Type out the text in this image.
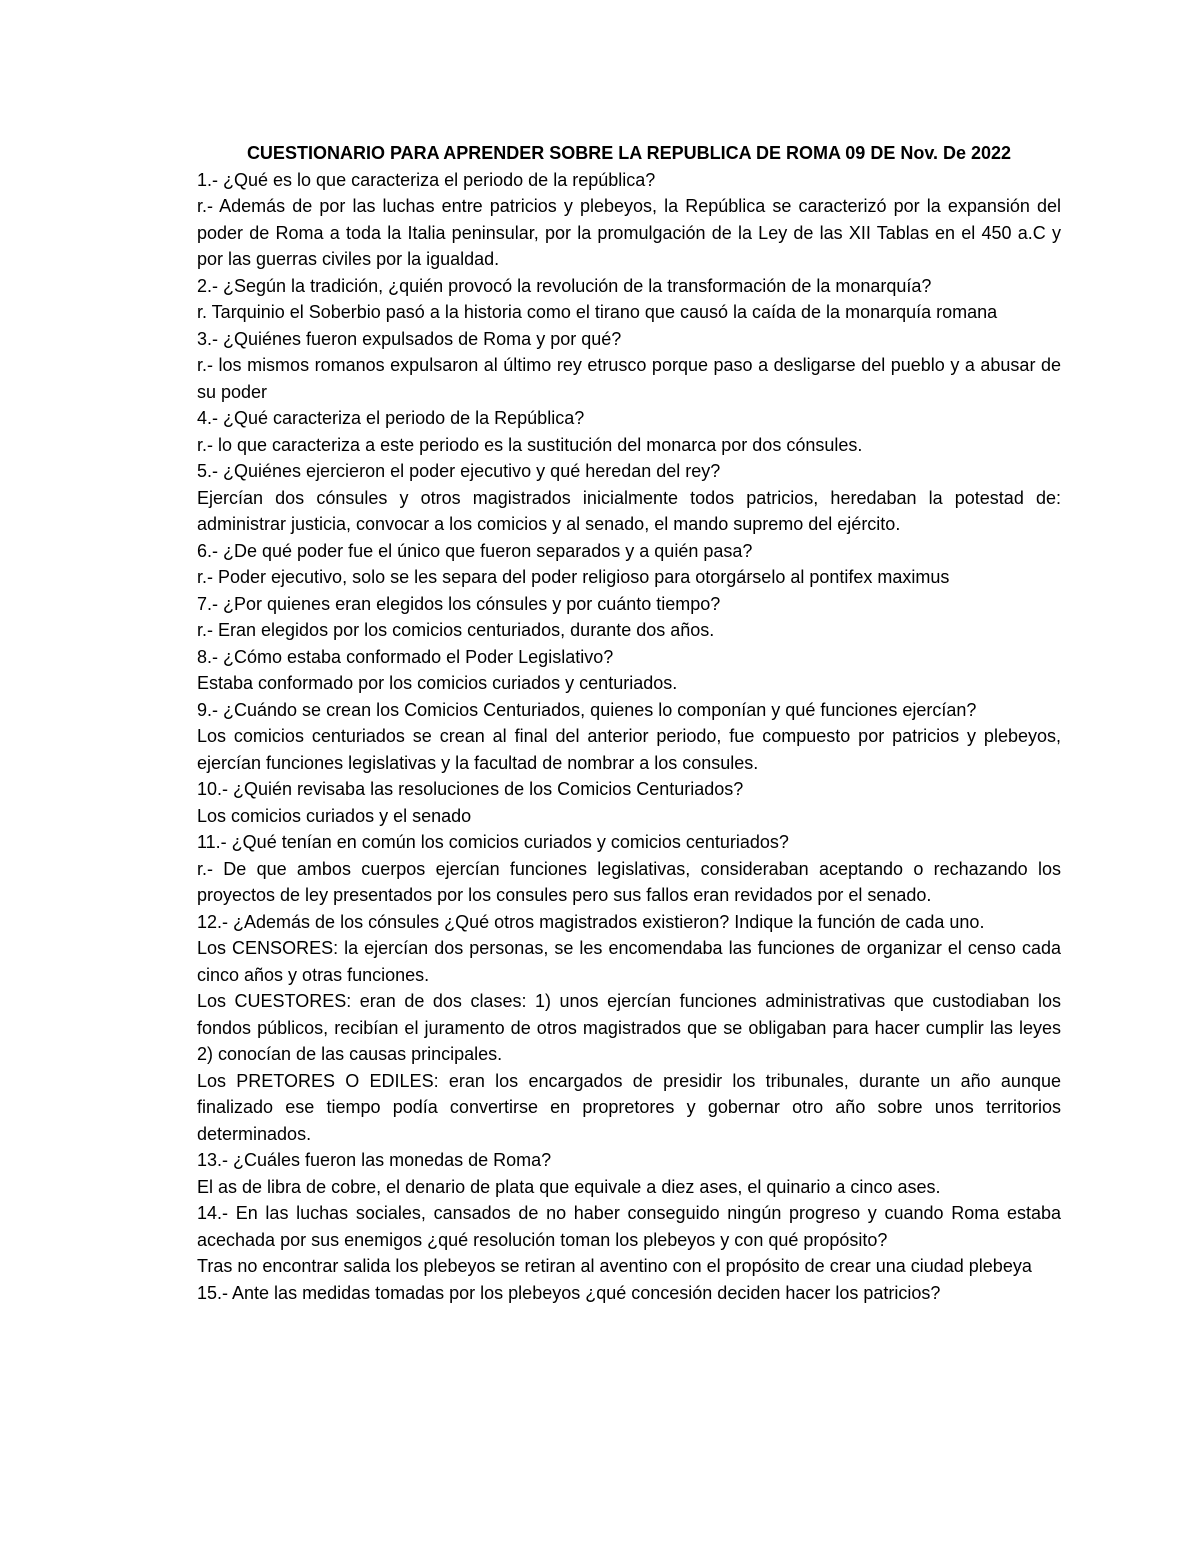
CUESTIONARIO PARA APRENDER SOBRE LA REPUBLICA DE ROMA 09 DE Nov. De 2022

1.- ¿Qué es lo que caracteriza el periodo de la república?

r.- Además de por las luchas entre patricios y plebeyos, la República se caracterizó por la expansión del poder de Roma a toda la Italia peninsular, por la promulgación de la Ley de las XII Tablas en el 450 a.C y por las guerras civiles por la igualdad.

2.- ¿Según la tradición, ¿quién provocó la revolución de la transformación de la monarquía?

r. Tarquinio el Soberbio pasó a la historia como el tirano que causó la caída de la monarquía romana

3.- ¿Quiénes fueron expulsados de Roma y por qué?

r.- los mismos romanos expulsaron al último rey etrusco porque paso a desligarse del pueblo y a abusar de su poder

4.- ¿Qué caracteriza el periodo de la República?

r.- lo que caracteriza a este periodo es la sustitución del monarca por dos cónsules.

5.- ¿Quiénes ejercieron el poder ejecutivo y qué heredan del rey?

Ejercían dos cónsules y otros magistrados inicialmente todos patricios, heredaban la potestad de: administrar justicia, convocar a los comicios y al senado, el mando supremo del ejército.

6.- ¿De qué poder fue el único que fueron separados y a quién pasa?

r.- Poder ejecutivo, solo se les separa del poder religioso para otorgárselo al pontifex maximus

7.- ¿Por quienes eran elegidos los cónsules y por cuánto tiempo?

r.- Eran elegidos por los comicios centuriados, durante dos años.

8.- ¿Cómo estaba conformado el Poder Legislativo?

Estaba conformado por los comicios curiados y centuriados.

9.- ¿Cuándo se crean los Comicios Centuriados, quienes lo componían y qué funciones ejercían?

Los comicios centuriados se crean al final del anterior periodo, fue compuesto por patricios y plebeyos, ejercían funciones legislativas y la facultad de nombrar a los consules.

10.- ¿Quién revisaba las resoluciones de los Comicios Centuriados?

Los comicios curiados y el senado

11.- ¿Qué tenían en común los comicios curiados y comicios centuriados?

r.- De que ambos cuerpos ejercían funciones legislativas, consideraban aceptando o rechazando los proyectos de ley presentados por los consules pero sus fallos eran revidados por el senado.

12.- ¿Además de los cónsules ¿Qué otros magistrados existieron? Indique la función de cada uno.

Los CENSORES: la ejercían dos personas, se les encomendaba las funciones de organizar el censo cada cinco años y otras funciones.

Los CUESTORES: eran de dos clases: 1) unos ejercían funciones administrativas que custodiaban los fondos públicos, recibían el juramento de otros magistrados que se obligaban para hacer cumplir las leyes 2) conocían de las causas principales.

Los PRETORES O EDILES: eran los encargados de presidir los tribunales, durante un año aunque finalizado ese tiempo podía convertirse en propretores y gobernar otro año sobre unos territorios determinados.

13.- ¿Cuáles fueron las monedas de Roma?

El as de libra de cobre, el denario de plata que equivale a diez ases, el quinario a cinco ases.

14.- En las luchas sociales, cansados de no haber conseguido ningún progreso y cuando Roma estaba acechada por sus enemigos ¿qué resolución toman los plebeyos y con qué propósito?

Tras no encontrar salida los plebeyos se retiran al aventino con el propósito de crear una ciudad plebeya

15.- Ante las medidas tomadas por los plebeyos ¿qué concesión deciden hacer los patricios?
